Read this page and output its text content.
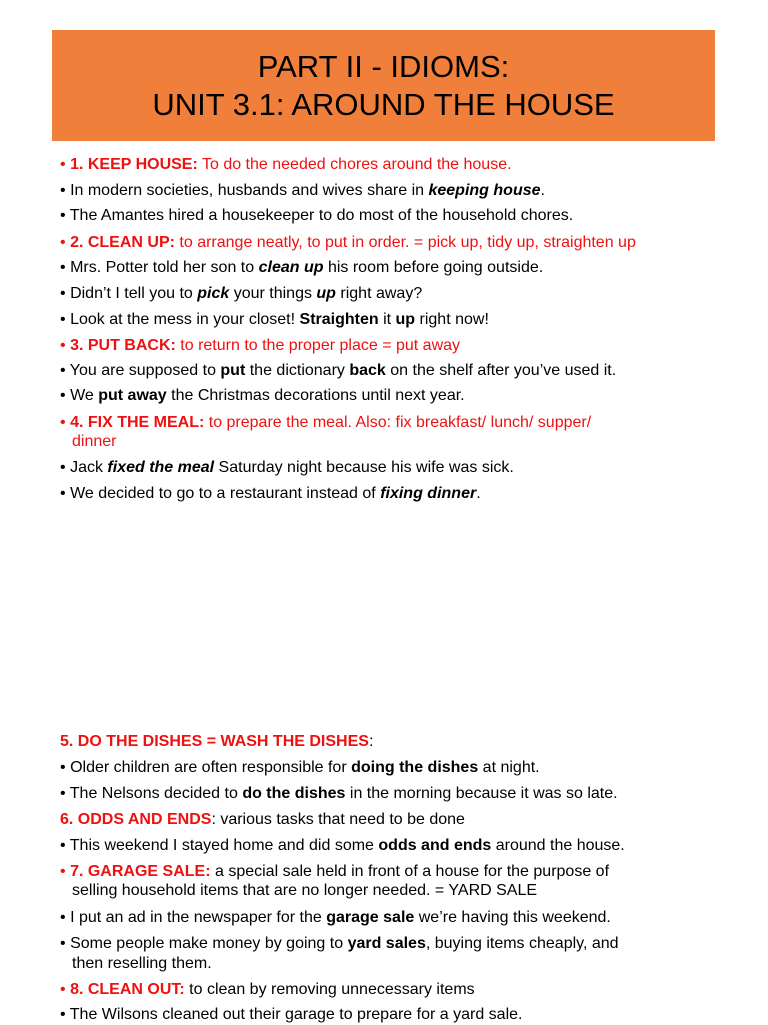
PART II - IDIOMS:
UNIT 3.1: AROUND THE HOUSE
• 1. KEEP HOUSE: To do the needed chores around the house.
• In modern societies, husbands and wives share in keeping house.
• The Amantes hired a housekeeper to do most of the household chores.
• 2. CLEAN UP: to arrange neatly, to put in order. = pick up, tidy up, straighten up
• Mrs. Potter told her son to clean up his room before going outside.
• Didn’t I tell you to pick your things up right away?
• Look at the mess in your closet! Straighten it up right now!
• 3. PUT BACK: to return to the proper place = put away
• You are supposed to put the dictionary back on the shelf after you’ve used it.
• We put away the Christmas decorations until next year.
• 4. FIX THE MEAL: to prepare the meal. Also: fix breakfast/ lunch/ supper/
dinner
• Jack fixed the meal Saturday night because his wife was sick.
• We decided to go to a restaurant instead of fixing dinner.
5. DO THE DISHES = WASH THE DISHES:
• Older children are often responsible for doing the dishes at night.
• The Nelsons decided to do the dishes in the morning because it was so late.
6. ODDS AND ENDS: various tasks that need to be done
• This weekend I stayed home and did some odds and ends around the house.
• 7. GARAGE SALE: a special sale held in front of a house for the purpose of
selling household items that are no longer needed. = YARD SALE
• I put an ad in the newspaper for the garage sale we’re having this weekend.
• Some people make money by going to yard sales, buying items cheaply, and
then reselling them.
• 8. CLEAN OUT: to clean by removing unnecessary items
• The Wilsons cleaned out their garage to prepare for a yard sale.
